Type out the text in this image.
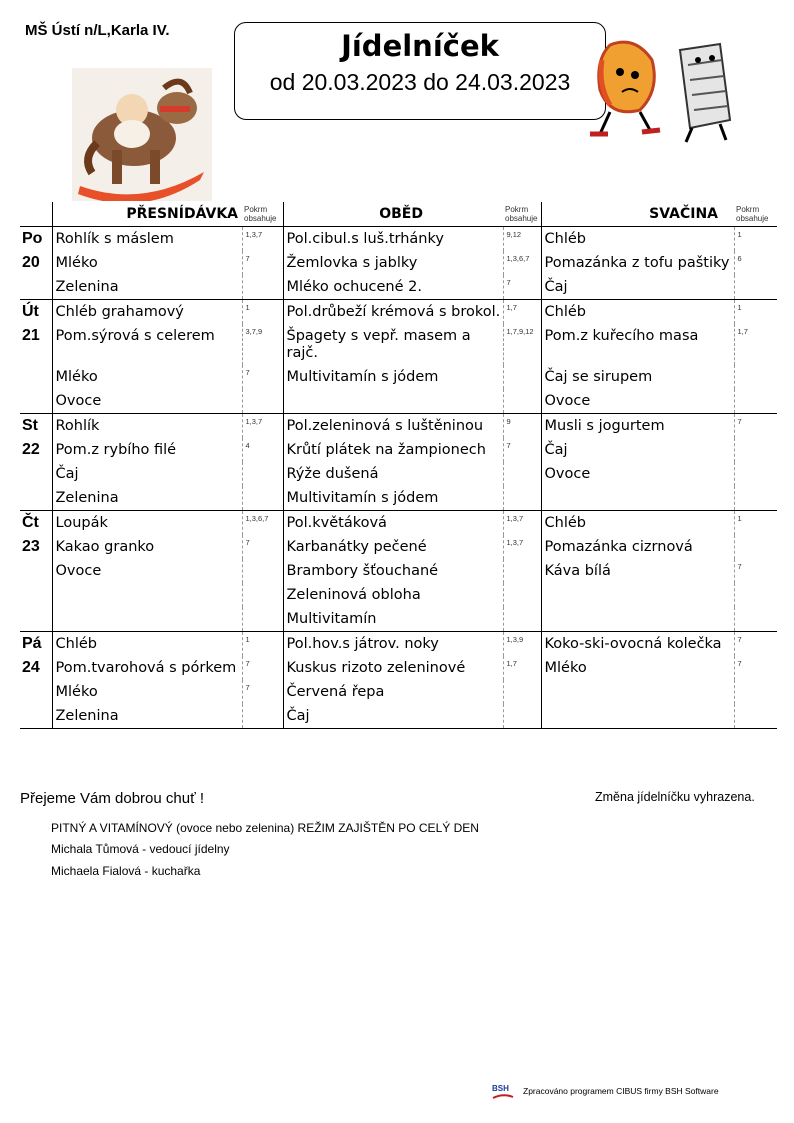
MŠ Ústí n/L,Karla IV.	Jídelníček
od 20.03.2023 do 24.03.2023
	PŘESNÍDÁVKA	Pokrm obsahuje	OBĚD	Pokrm obsahuje	SVAČINA	Pokrm obsahuje
Po	Rohlík s máslem	1,3,7	Pol.cibul.s luš.trhánky	9,12	Chléb	1
20	Mléko	7	Žemlovka s jablky	1,3,6,7	Pomazánka z tofu paštiky	6
	Zelenina		Mléko ochucené 2.	7	Čaj	
Út	Chléb grahamový	1	Pol.drůbeží krémová s brokol.	1,7	Chléb	1
21	Pom.sýrová s celerem	3,7,9	Špagety s vepř. masem a rajč.	1,7,9,12	Pom.z kuřecího masa	1,7
	Mléko	7	Multivitamín s jódem		Čaj se sirupem	
	Ovoce				Ovoce	
St	Rohlík	1,3,7	Pol.zeleninová s luštěninou	9	Musli s jogurtem	7
22	Pom.z rybího filé	4	Krůtí plátek na žampionech	7	Čaj	
	Čaj		Rýže dušená		Ovoce	
	Zelenina		Multivitamín s jódem			
Čt	Loupák	1,3,6,7	Pol.květáková	1,3,7	Chléb	1
23	Kakao granko	7	Karbanátky pečené	1,3,7	Pomazánka cizrnová	
	Ovoce		Brambory šťouchané		Káva bílá	7
			Zeleninová obloha			
			Multivitamín			
Pá	Chléb	1	Pol.hov.s játrov. noky	1,3,9	Koko-ski-ovocná kolečka	7
24	Pom.tvarohová s pórkem	7	Kuskus rizoto zeleninové	1,7	Mléko	7
	Mléko	7	Červená řepa			
	Zelenina		Čaj			
Přejeme Vám dobrou chuť !	Změna jídelníčku vyhrazena.
PITNÝ A VITAMÍNOVÝ (ovoce nebo zelenina) REŽIM ZAJIŠTĚN PO CELÝ DEN
Michala Tůmová - vedoucí jídelny
Michaela Fialová - kuchařka
BSH Zpracováno programem CIBUS firmy BSH Software
